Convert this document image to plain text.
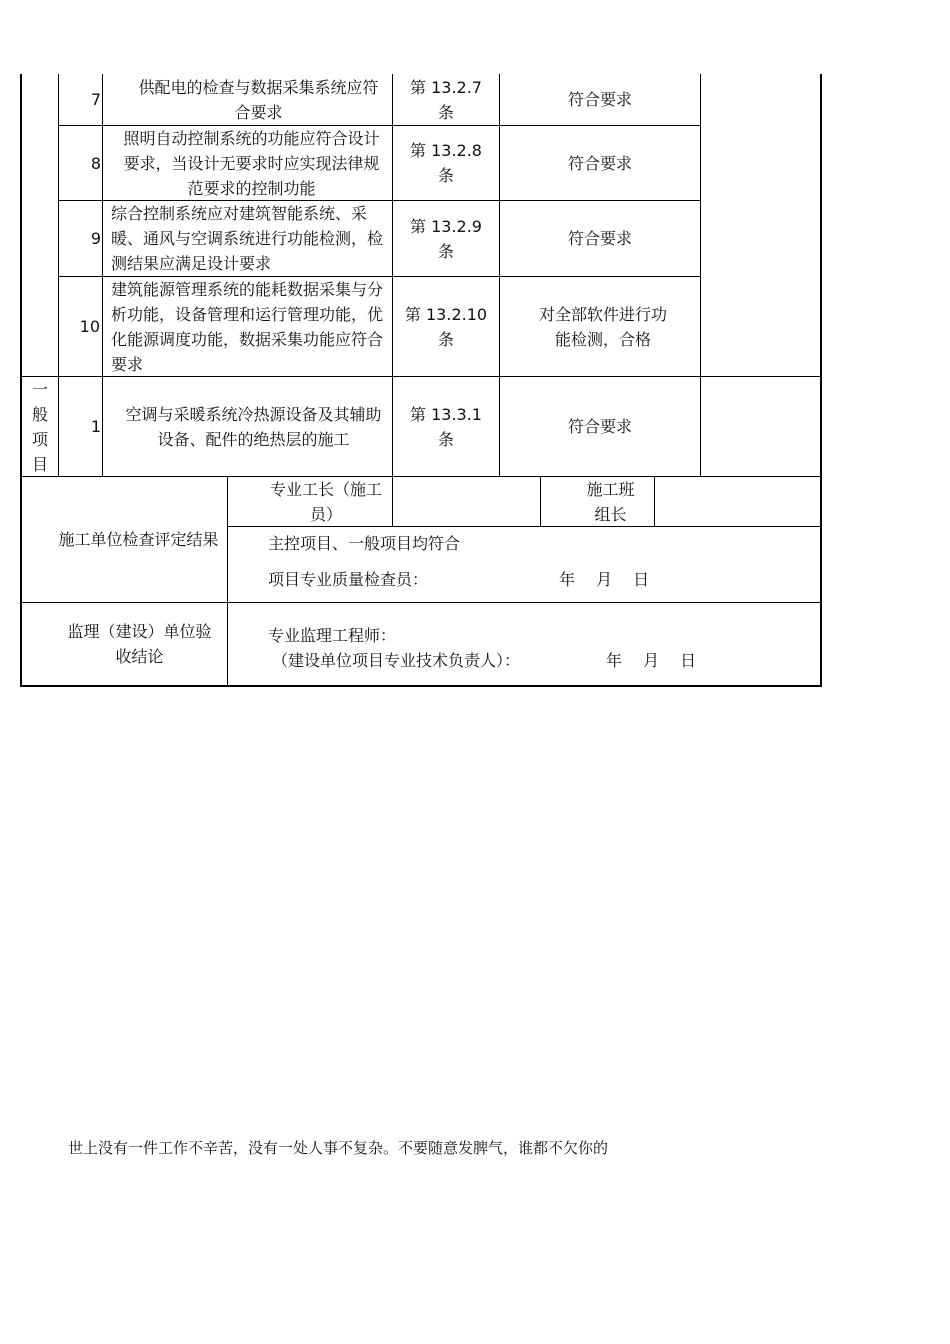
7
供配电的检查与数据采集系统应符合要求
第 13.2.7 条
符合要求
8
照明自动控制系统的功能应符合设计要求，当设计无要求时应实现法律规范要求的控制功能
第 13.2.8 条
符合要求
9
综合控制系统应对建筑智能系统、采暖、通风与空调系统进行功能检测，检测结果应满足设计要求
第 13.2.9 条
符合要求
10
建筑能源管理系统的能耗数据采集与分析功能，设备管理和运行管理功能，优化能源调度功能，数据采集功能应符合要求
第 13.2.10 条
对全部软件进行功能检测，合格
一般项目
1
空调与采暖系统冷热源设备及其辅助设备、配件的绝热层的施工
第 13.3.1 条
符合要求
施工单位检查评定结果
专业工长（施工员）
施工班组长
主控项目、一般项目均符合
项目专业质量检查员：	年　 月　 日
监理（建设）单位验收结论
专业监理工程师：
（建设单位项目专业技术负责人）：	年　 月　 日
世上没有一件工作不辛苦，没有一处人事不复杂。不要随意发脾气，谁都不欠你的
